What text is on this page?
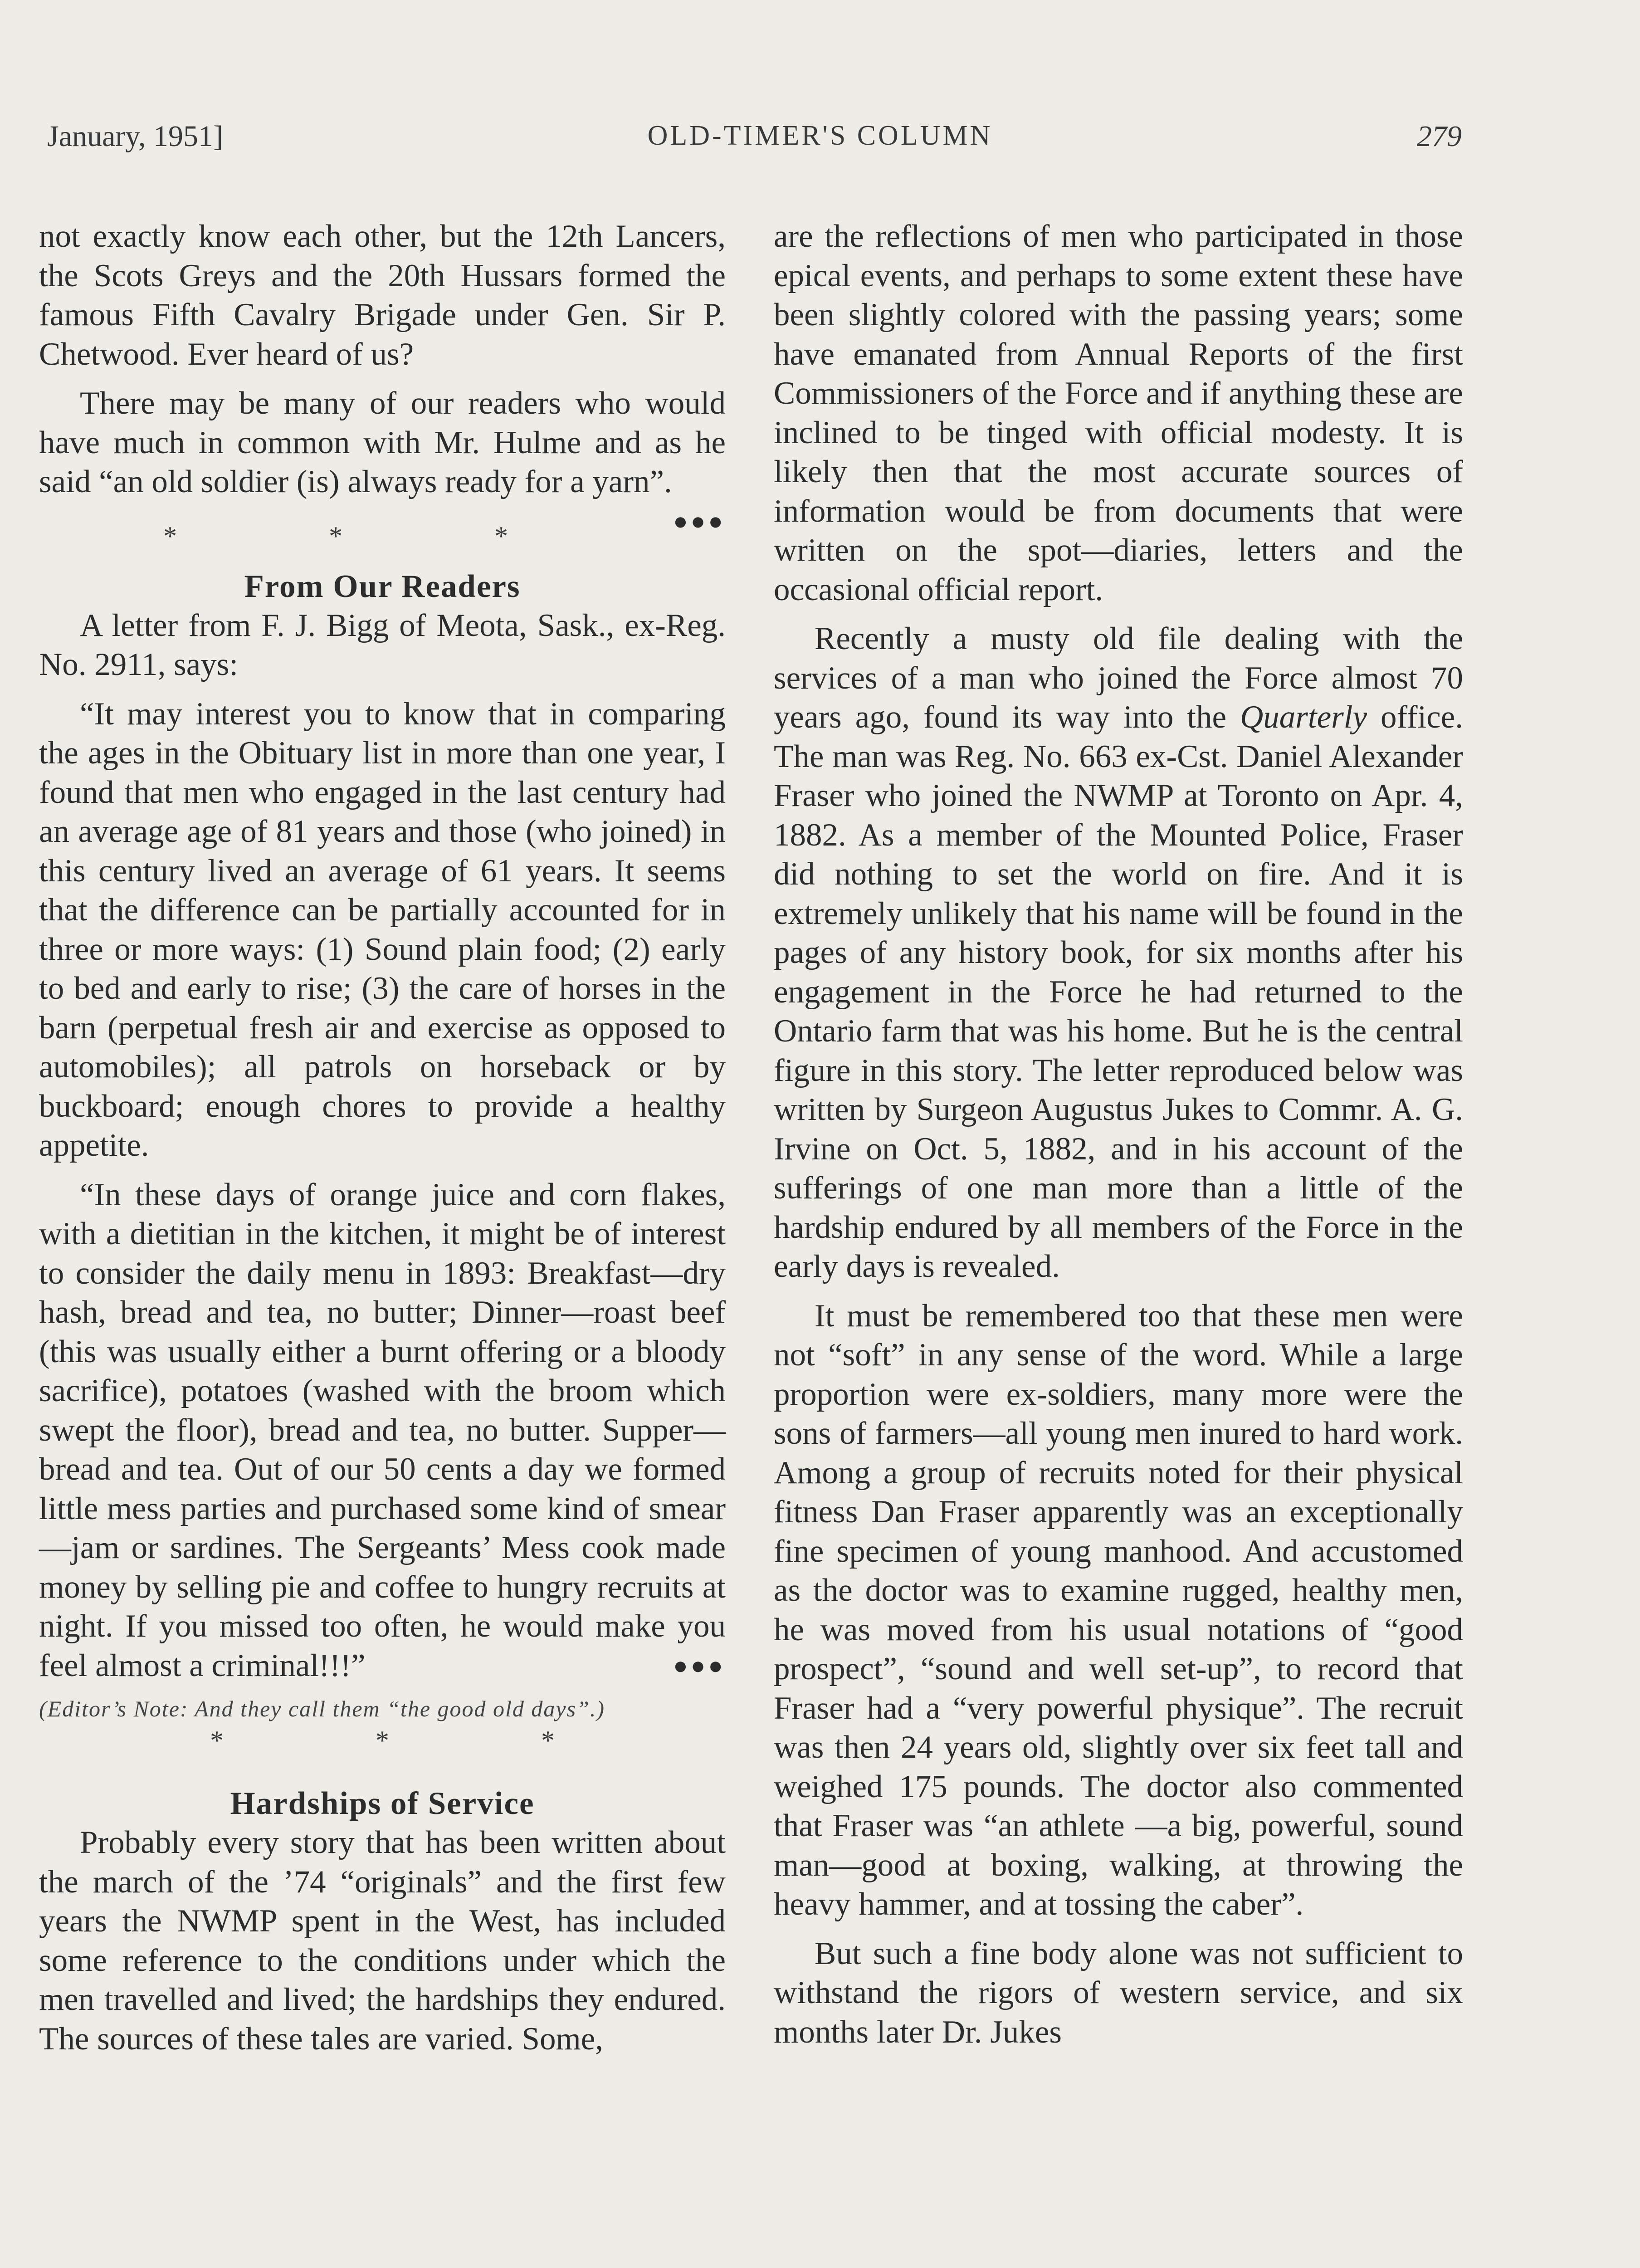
January, 1951]	OLD-TIMER'S COLUMN	279

not exactly know each other, but the 12th Lancers, the Scots Greys and the 20th Hussars formed the famous Fifth Cavalry Brigade under Gen. Sir P. Chetwood. Ever heard of us?

There may be many of our readers who would have much in common with Mr. Hulme and as he said “an old soldier (is) always ready for a yarn”.
●●●

* * *
From Our Readers

A letter from F. J. Bigg of Meota, Sask., ex-Reg. No. 2911, says:

“It may interest you to know that in comparing the ages in the Obituary list in more than one year, I found that men who engaged in the last century had an average age of 81 years and those (who joined) in this century lived an average of 61 years. It seems that the difference can be partially accounted for in three or more ways: (1) Sound plain food; (2) early to bed and early to rise; (3) the care of horses in the barn (perpetual fresh air and exercise as opposed to automobiles); all patrols on horseback or by buckboard; enough chores to provide a healthy appetite.

“In these days of orange juice and corn flakes, with a dietitian in the kitchen, it might be of interest to consider the daily menu in 1893: Breakfast—dry hash, bread and tea, no butter; Dinner—roast beef (this was usually either a burnt offering or a bloody sacrifice), potatoes (washed with the broom which swept the floor), bread and tea, no butter. Supper—bread and tea. Out of our 50 cents a day we formed little mess parties and purchased some kind of smear—jam or sardines. The Sergeants’ Mess cook made money by selling pie and coffee to hungry recruits at night. If you missed too often, he would make you feel almost a criminal!!!”	●●●

(Editor’s Note: And they call them “the good old days”.)
* * *
Hardships of Service

Probably every story that has been written about the march of the ’74 “originals” and the first few years the NWMP spent in the West, has included some reference to the conditions under which the men travelled and lived; the hardships they endured. The sources of these tales are varied. Some,

are the reflections of men who participated in those epical events, and perhaps to some extent these have been slightly colored with the passing years; some have emanated from Annual Reports of the first Commissioners of the Force and if anything these are inclined to be tinged with official modesty. It is likely then that the most accurate sources of information would be from documents that were written on the spot—diaries, letters and the occasional official report.

Recently a musty old file dealing with the services of a man who joined the Force almost 70 years ago, found its way into the Quarterly office. The man was Reg. No. 663 ex-Cst. Daniel Alexander Fraser who joined the NWMP at Toronto on Apr. 4, 1882. As a member of the Mounted Police, Fraser did nothing to set the world on fire. And it is extremely unlikely that his name will be found in the pages of any history book, for six months after his engagement in the Force he had returned to the Ontario farm that was his home. But he is the central figure in this story. The letter reproduced below was written by Surgeon Augustus Jukes to Commr. A. G. Irvine on Oct. 5, 1882, and in his account of the sufferings of one man more than a little of the hardship endured by all members of the Force in the early days is revealed.

It must be remembered too that these men were not “soft” in any sense of the word. While a large proportion were ex-soldiers, many more were the sons of farmers—all young men inured to hard work. Among a group of recruits noted for their physical fitness Dan Fraser apparently was an exceptionally fine specimen of young manhood. And accustomed as the doctor was to examine rugged, healthy men, he was moved from his usual notations of “good prospect”, “sound and well set-up”, to record that Fraser had a “very powerful physique”. The recruit was then 24 years old, slightly over six feet tall and weighed 175 pounds. The doctor also commented that Fraser was “an athlete —a big, powerful, sound man—good at boxing, walking, at throwing the heavy hammer, and at tossing the caber”.

But such a fine body alone was not sufficient to withstand the rigors of western service, and six months later Dr. Jukes
